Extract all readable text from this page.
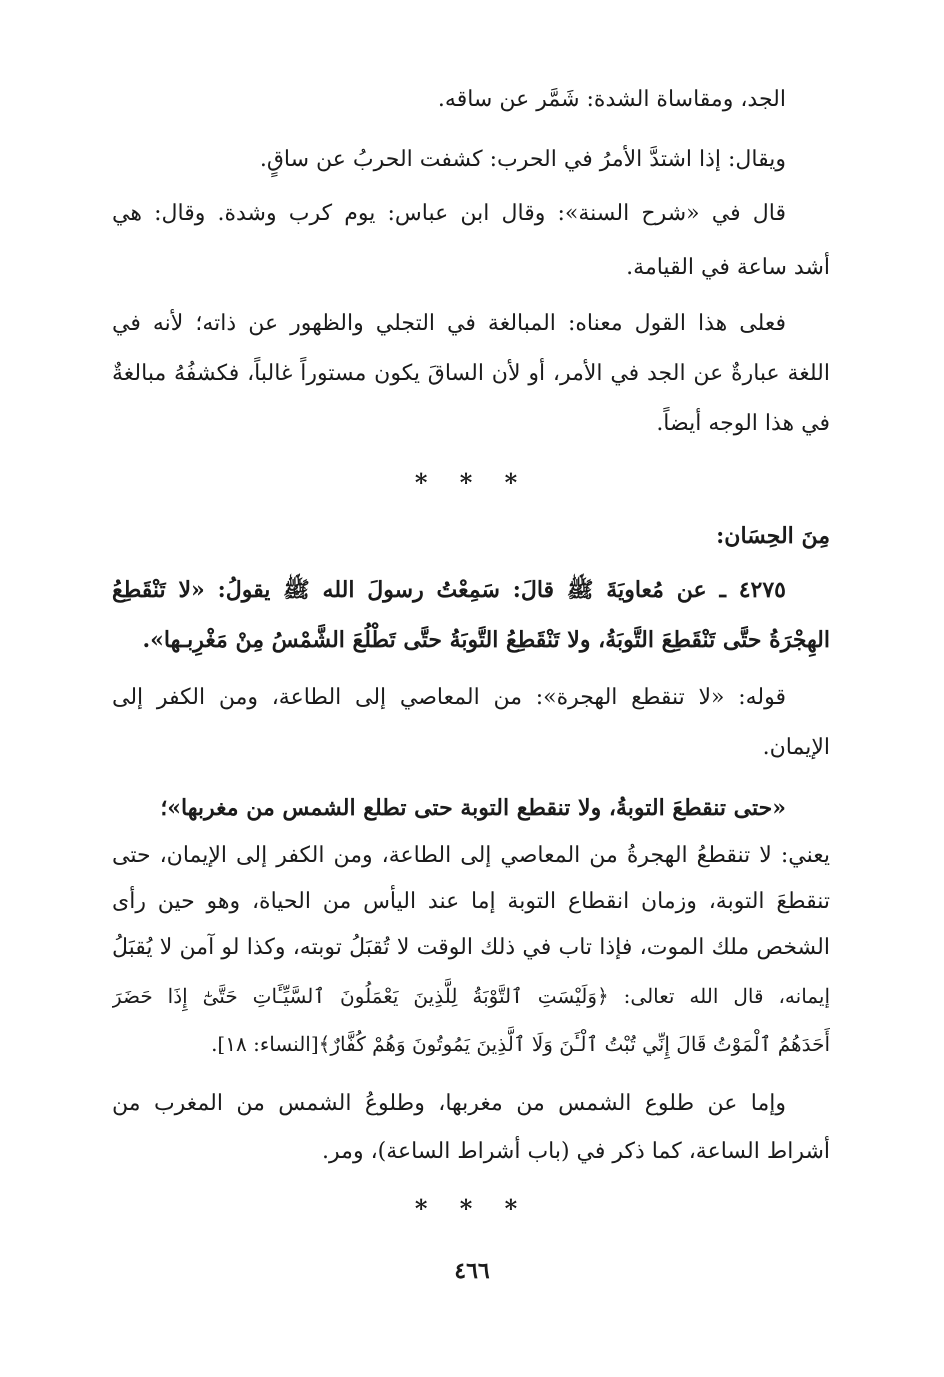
الجد، ومقاساة الشدة: شَمَّر عن ساقه.
ويقال: إذا اشتدَّ الأمرُ في الحرب: كشفت الحربُ عن ساقٍ.
قال في «شرح السنة»: وقال ابن عباس: يوم كرب وشدة. وقال: هي
أشد ساعة في القيامة.
فعلى هذا القول معناه: المبالغة في التجلي والظهور عن ذاته؛ لأنه في
اللغة عبارةٌ عن الجد في الأمر، أو لأن الساقَ يكون مستوراً غالباً، فكشفُهُ مبالغةٌ
في هذا الوجه أيضاً.
* * *
مِنَ الحِسَان:
٤٢٧٥ ـ عن مُعاويَةَ ﷺ قالَ: سَمِعْتُ رسولَ الله ﷺ يقولُ: «لا تَنْقَطِعُ
الهِجْرَةُ حتَّى تَنْقَطِعَ التَّوبَةُ، ولا تَنْقَطِعُ التَّوبَةُ حتَّى تَطْلُعَ الشَّمْسُ مِنْ مَغْرِبـها».
قوله: «لا تنقطع الهجرة»: من المعاصي إلى الطاعة، ومن الكفر إلى
الإيمان.
«حتى تنقطعَ التوبةُ، ولا تنقطع التوبة حتى تطلع الشمس من مغربها»؛
يعني: لا تنقطعُ الهجرةُ من المعاصي إلى الطاعة، ومن الكفر إلى الإيمان، حتى
تنقطعَ التوبة، وزمان انقطاع التوبة إما عند اليأس من الحياة، وهو حين رأى
الشخص ملك الموت، فإذا تاب في ذلك الوقت لا تُقبَلُ توبته، وكذا لو آمن لا يُقبَلُ
إيمانه، قال الله تعالى: ﴿وَلَيْسَتِ ٱلتَّوْبَةُ لِلَّذِينَ يَعْمَلُونَ ٱلسَّيِّـَٔاتِ حَتَّىٰٓ إِذَا حَضَرَ
أَحَدَهُمُ ٱلْمَوْتُ قَالَ إِنِّي تُبْتُ ٱلْـَٔنَ وَلَا ٱلَّذِينَ يَمُوتُونَ وَهُمْ كُفَّارٌ﴾[النساء: ١٨].
وإما عن طلوع الشمس من مغربها، وطلوعُ الشمس من المغرب من
أشراط الساعة، كما ذكر في (باب أشراط الساعة)، ومر.
* * *
٤٦٦
